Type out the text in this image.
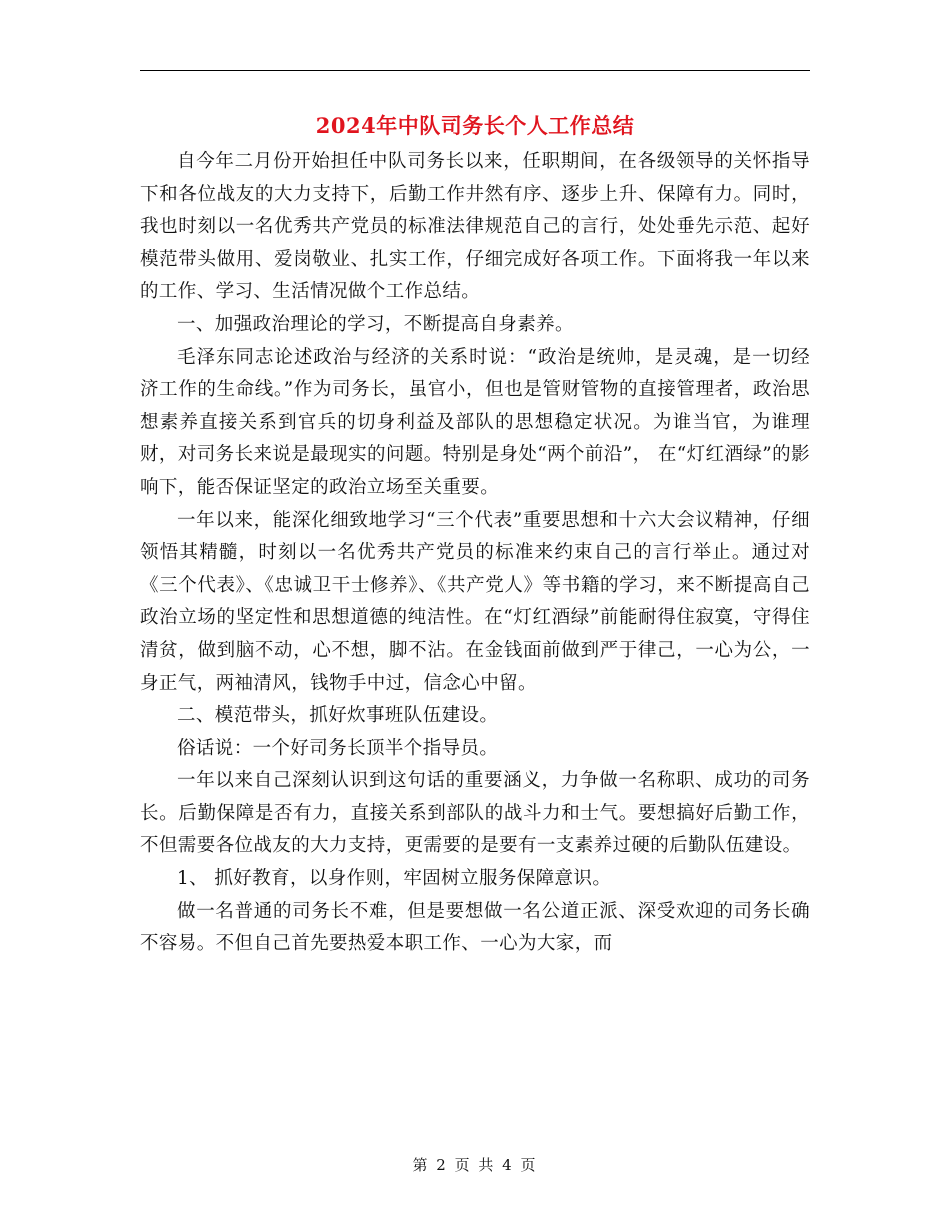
2024年中队司务长个人工作总结

自今年二月份开始担任中队司务长以来，任职期间，在各级领导的关怀指导下和各位战友的大力支持下，后勤工作井然有序、逐步上升、保障有力。同时，我也时刻以一名优秀共产党员的标准法律规范自己的言行，处处垂先示范、起好模范带头做用、爱岗敬业、扎实工作，仔细完成好各项工作。下面将我一年以来的工作、学习、生活情况做个工作总结。

一、加强政治理论的学习，不断提高自身素养。

毛泽东同志论述政治与经济的关系时说：“政治是统帅，是灵魂，是一切经济工作的生命线。”作为司务长，虽官小，但也是管财管物的直接管理者，政治思想素养直接关系到官兵的切身利益及部队的思想稳定状况。为谁当官，为谁理财，对司务长来说是最现实的问题。特别是身处“两个前沿”， 在“灯红酒绿”的影响下，能否保证坚定的政治立场至关重要。

一年以来，能深化细致地学习“三个代表”重要思想和十六大会议精神，仔细领悟其精髓，时刻以一名优秀共产党员的标准来约束自己的言行举止。通过对《三个代表》、《忠诚卫干士修养》、《共产党人》等书籍的学习，来不断提高自己政治立场的坚定性和思想道德的纯洁性。在“灯红酒绿”前能耐得住寂寞，守得住清贫，做到脑不动，心不想，脚不沾。在金钱面前做到严于律己，一心为公，一身正气，两袖清风，钱物手中过，信念心中留。

二、模范带头，抓好炊事班队伍建设。

俗话说：一个好司务长顶半个指导员。

一年以来自己深刻认识到这句话的重要涵义，力争做一名称职、成功的司务长。后勤保障是否有力，直接关系到部队的战斗力和士气。要想搞好后勤工作，不但需要各位战友的大力支持，更需要的是要有一支素养过硬的后勤队伍建设。

1、 抓好教育，以身作则，牢固树立服务保障意识。

做一名普通的司务长不难，但是要想做一名公道正派、深受欢迎的司务长确不容易。不但自己首先要热爱本职工作、一心为大家，而

第 2 页 共 4 页
